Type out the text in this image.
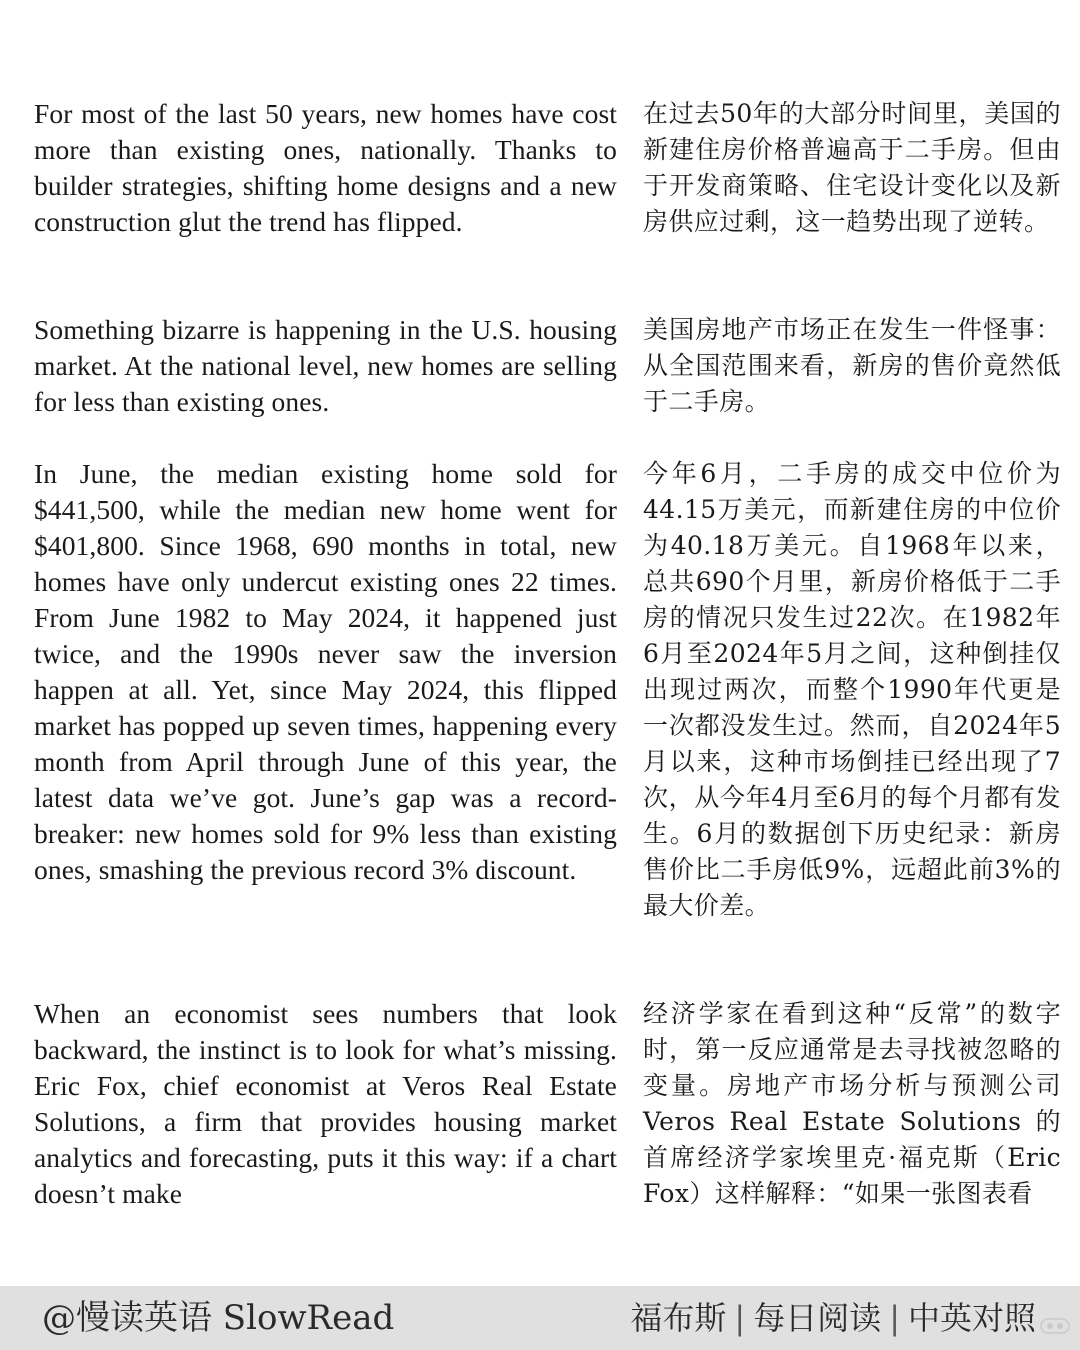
For most of the last 50 years, new homes have cost more than existing ones, nationally. Thanks to builder strategies, shifting home designs and a new construction glut the trend has flipped.

Something bizarre is happening in the U.S. housing market. At the national level, new homes are selling for less than existing ones.

In June, the median existing home sold for $441,500, while the median new home went for $401,800. Since 1968, 690 months in total, new homes have only undercut existing ones 22 times. From June 1982 to May 2024, it happened just twice, and the 1990s never saw the inversion happen at all. Yet, since May 2024, this flipped market has popped up seven times, happening every month from April through June of this year, the latest data we’ve got. June’s gap was a record-breaker: new homes sold for 9% less than existing ones, smashing the previous record 3% discount.

When an economist sees numbers that look backward, the instinct is to look for what’s missing. Eric Fox, chief economist at Veros Real Estate Solutions, a firm that provides housing market analytics and forecasting, puts it this way: if a chart doesn’t make

在过去50年的大部分时间里，美国的新建住房价格普遍高于二手房。但由于开发商策略、住宅设计变化以及新房供应过剩，这一趋势出现了逆转。

美国房地产市场正在发生一件怪事：从全国范围来看，新房的售价竟然低于二手房。

今年6月，二手房的成交中位价为44.15万美元，而新建住房的中位价为40.18万美元。自1968年以来，总共690个月里，新房价格低于二手房的情况只发生过22次。在1982年6月至2024年5月之间，这种倒挂仅出现过两次，而整个1990年代更是一次都没发生过。然而，自2024年5月以来，这种市场倒挂已经出现了7次，从今年4月至6月的每个月都有发生。6月的数据创下历史纪录：新房售价比二手房低9%，远超此前3%的最大价差。

经济学家在看到这种“反常”的数字时，第一反应通常是去寻找被忽略的变量。房地产市场分析与预测公司Veros Real Estate Solutions 的首席经济学家埃里克·福克斯（Eric Fox）这样解释：“如果一张图表看

@慢读英语 SlowRead	福布斯 | 每日阅读 | 中英对照
